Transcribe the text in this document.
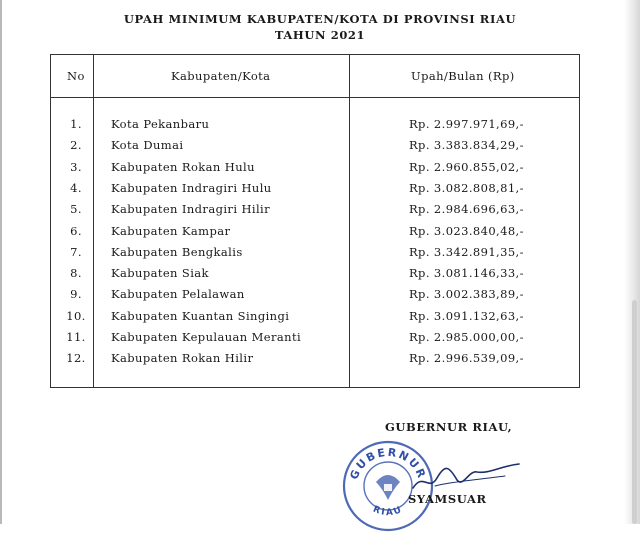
UPAH MINIMUM KABUPATEN/KOTA DI PROVINSI RIAU
TAHUN 2021
No	Kabupaten/Kota	Upah/Bulan (Rp)
1.	Kota Pekanbaru	Rp. 2.997.971,69,-
2.	Kota Dumai	Rp. 3.383.834,29,-
3.	Kabupaten Rokan Hulu	Rp. 2.960.855,02,-
4.	Kabupaten Indragiri Hulu	Rp. 3.082.808,81,-
5.	Kabupaten Indragiri Hilir	Rp. 2.984.696,63,-
6.	Kabupaten Kampar	Rp. 3.023.840,48,-
7.	Kabupaten Bengkalis	Rp. 3.342.891,35,-
8.	Kabupaten Siak	Rp. 3.081.146,33,-
9.	Kabupaten Pelalawan	Rp. 3.002.383,89,-
10. Kabupaten Kuantan Singingi	Rp. 3.091.132,63,-
11. Kabupaten Kepulauan Meranti	Rp. 2.985.000,00,-
12. Kabupaten Rokan Hilir	Rp. 2.996.539,09,-
GUBERNUR RIAU,
GUBERNUR
RIAU
SYAMSUAR
